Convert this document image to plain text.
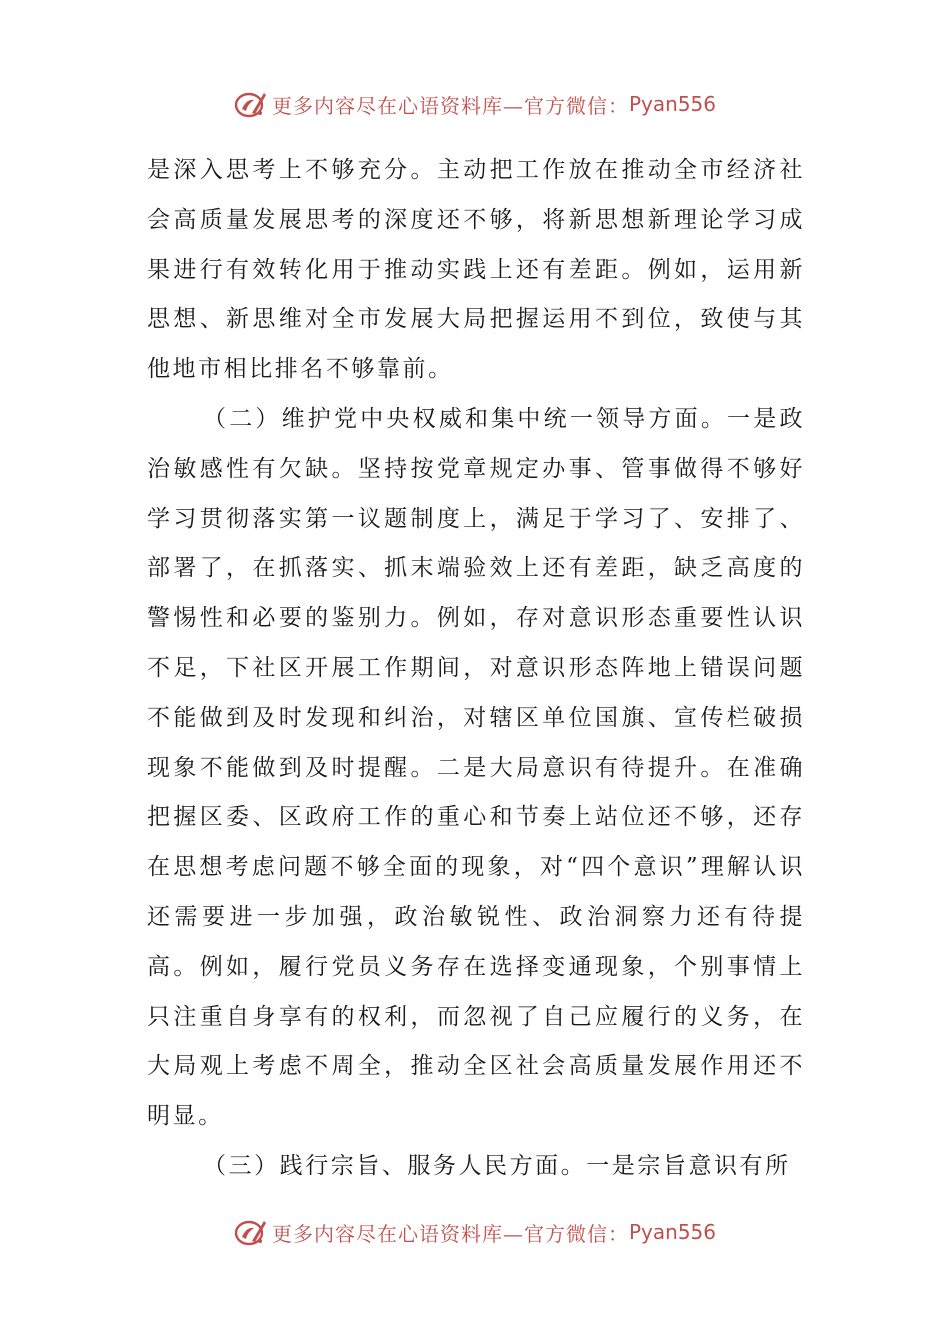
更多内容尽在心语资料库—官方微信： Pyan556

是深入思考上不够充分。主动把工作放在推动全市经济社会高质量发展思考的深度还不够，将新思想新理论学习成果进行有效转化用于推动实践上还有差距。例如，运用新思想、新思维对全市发展大局把握运用不到位，致使与其他地市相比排名不够靠前。

（二）维护党中央权威和集中统一领导方面。一是政治敏感性有欠缺。坚持按党章规定办事、管事做得不够好学习贯彻落实第一议题制度上，满足于学习了、安排了、部署了，在抓落实、抓末端验效上还有差距，缺乏高度的警惕性和必要的鉴别力。例如，存对意识形态重要性认识不足，下社区开展工作期间，对意识形态阵地上错误问题不能做到及时发现和纠治，对辖区单位国旗、宣传栏破损现象不能做到及时提醒。二是大局意识有待提升。在准确把握区委、区政府工作的重心和节奏上站位还不够，还存在思想考虑问题不够全面的现象，对“四个意识”理解认识还需要进一步加强，政治敏锐性、政治洞察力还有待提高。例如，履行党员义务存在选择变通现象，个别事情上只注重自身享有的权利，而忽视了自己应履行的义务，在大局观上考虑不周全，推动全区社会高质量发展作用还不明显。

（三）践行宗旨、服务人民方面。一是宗旨意识有所

更多内容尽在心语资料库—官方微信： Pyan556
